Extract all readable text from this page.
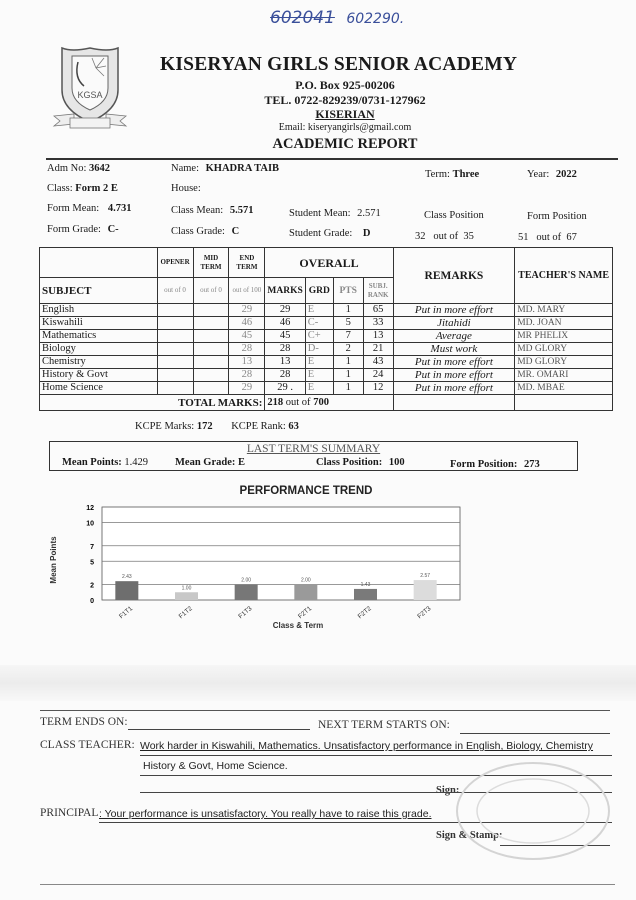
602041 602290.
KGSA
KISERYAN GIRLS SENIOR ACADEMY
P.O. Box 925-00206
TEL. 0722-829239/0731-127962
KISERIAN
Email: kiseryangirls@gmail.com
ACADEMIC REPORT
Adm No: 3642	Name: KHADRA TAIB
Term: Three	Year: 2022
Class: Form 2 E	House:
Form Mean: 4.731	Class Mean: 5.571	Student Mean: 2.571	Class Position	Form Position
Form Grade: C-	Class Grade: C	Student Grade: D	32 out of 35	51 out of 67
	OPENER	MID TERM	END TERM	OVERALL				REMARKS	TEACHER'S NAME
SUBJECT	out of 0	out of 0	out of 100	MARKS	GRD	PTS	SUBJ. RANK		
English			29	29	E	1	65	Put in more effort	MD. MARY
Kiswahili			46	46	C-	5	33	Jitahidi	MD. JOAN
Mathematics			45	45	C+	7	13	Average	MR PHELIX
Biology			28	28	D-	2	21	Must work	MD GLORY
Chemistry			13	13	E	1	43	Put in more effort	MD GLORY
History & Govt			28	28	E	1	24	Put in more effort	MR. OMARI
Home Science			29	29 .	E	1	12	Put in more effort	MD. MBAE
TOTAL MARKS:				218 out of 700					
KCPE Marks: 172 KCPE Rank: 63
LAST TERM'S SUMMARY
Mean Points: 1.429	Mean Grade: E	Class Position: 100	Form Position: 273
PERFORMANCE TREND
Mean Points
Class & Term
0
2
5
7
10
12
2.43
F1T1
1.00
F1T2
2.00
F1T3
2.00
F2T1
1.43
F2T2
2.57
F2T3
TERM ENDS ON:	NEXT TERM STARTS ON:
CLASS TEACHER: Work harder in Kiswahili, Mathematics. Unsatisfactory performance in English, Biology, Chemistry
History & Govt, Home Science.
Sign:
PRINCIPAL : Your performance is unsatisfactory. You really have to raise this grade.
Sign & Stamp:
